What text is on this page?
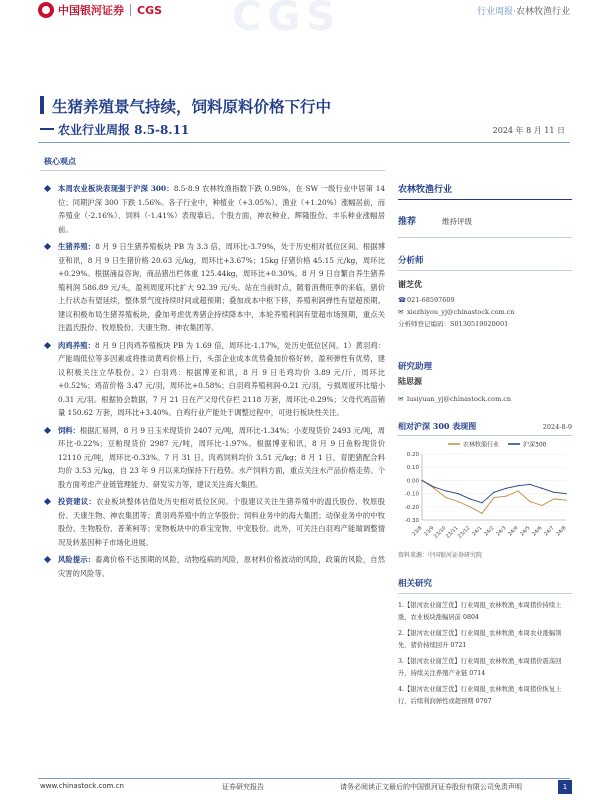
中国银河证券 CGS CGS	行业周报·农林牧渔行业
生猪养殖景气持续，饲料原料价格下行中
农业行业周报 8.5-8.11	2024 年 8 月 11 日
核心观点

本周农业板块表现强于沪深 300：8.5-8.9 农林牧渔指数下跌 0.98%，在 SW 一级行业中居第 14 位；同期沪深 300 下跌 1.56%。各子行业中，种植业（+3.05%）、渔业（+1.20%）涨幅居前，而养殖业（-2.16%）、饲料（-1.41%）表现靠后。个股方面，神农种业、辉隆股份、丰乐种业涨幅居前。

生猪养殖：8 月 9 日生猪养殖板块 PB 为 3.3 倍，周环比-3.79%，处于历史相对低位区间。根据博亚和讯，8 月 9 日生猪价格 20.63 元/kg，周环比+3.67%；15kg 仔猪价格 45.15 元/kg，周环比+0.29%。根据涌益咨询，商品猪出栏体重 125.44kg，周环比+0.30%。8 月 9 日自繁自养生猪养殖利润 586.89 元/头，盈利周度环比扩大 92.39 元/头。站在当前时点，随着消费旺季的来临，猪价上行状态有望延续，整体景气度持续时间或超预期；叠加成本中枢下移，养殖利润弹性有望超预期。建议积极布局生猪养殖板块，叠加考虑优秀猪企持续降本中，本轮养殖利润有望超市场预期，重点关注温氏股份、牧原股份、天康生物、神农集团等。

肉鸡养殖：8 月 9 日肉鸡养殖板块 PB 为 1.69 倍，周环比-1.17%，处历史低位区间。1）黄羽鸡：产能端低位等多因素或将推动黄鸡价格上行，头部企业成本优势叠加价格好转，盈利弹性有优势，建议积极关注立华股份。2）白羽鸡：根据博亚和讯，8 月 9 日毛鸡均价 3.89 元/斤，周环比+0.52%；鸡苗价格 3.47 元/羽，周环比+0.58%；白羽鸡养殖利润-0.21 元/羽，亏损周度环比缩小 0.31 元/羽。根据协会数据，7 月 21 日在产父母代存栏 2118 万套，周环比-0.29%；父母代鸡苗销量 150.62 万套，周环比+3.40%。白鸡行业产能处于调整过程中，可进行板块性关注。

饲料：根据汇易网，8 月 9 日玉米现货价 2407 元/吨，周环比-1.34%；小麦现货价 2493 元/吨，周环比-0.22%；豆粕现货价 2987 元/吨，周环比-1.97%。根据博亚和讯，8 月 9 日鱼粉现货价 12110 元/吨，周环比-0.33%。7 月 31 日，肉鸡饲料均价 3.51 元/kg；8 月 1 日，育肥猪配合料均价 3.53 元/kg，自 23 年 9 月以来均保持下行趋势。水产饲料方面，重点关注水产品价格走势。个股方面考虑产业链管理能力、研发实力等，建议关注海大集团。

投资建议：农业板块整体估值处历史相对低位区间。个股建议关注生猪养殖中的温氏股份、牧原股份、天康生物、神农集团等；黄羽鸡养殖中的立华股份；饲料业务中的海大集团；动保业务中的中牧股份、生物股份、普莱柯等；宠物板块中的乖宝宠物、中宠股份。此外，可关注白羽鸡产能端调整情况及转基因种子市场化进展。

风险提示：畜禽价格不达预期的风险，动物疫病的风险，原材料价格波动的风险，政策的风险，自然灾害的风险等。

农林牧渔行业
推荐	维持评级
分析师
谢芝优
☎ 021-68597609
✉ xiezhiyou_yj@chinastock.com.cn
分析师登记编码：S0130519020001
研究助理
陆思源
✉ lusiyuan_yj@chinastock.com.cn
相对沪深 300 表现图	2024-8-9
农林牧渔行业	沪深300
0.20
0.10
0.00
-0.10
-0.20
-0.30
23/8 23/9
23/10
23/11
23/12 24/1 24/2 24/3 24/4 24/5 24/6 24/7 24/8
资料来源：中国银河证券研究院
相关研究
1.【银河农业谢芝优】行业周报_农林牧渔_本周猪价持续上涨，农业板块涨幅居前 0804
2.【银河农业谢芝优】行业周报_农林牧渔_本周农业涨幅领先，猪价持续回升 0721
3.【银河农业谢芝优】行业周报_农林牧渔_本周猪价震荡回升，持续关注养殖产业链 0714
4.【银河农业谢芝优】行业周报_农林牧渔_本周猪价恢复上行，后续利润弹性或超预期 0707
www.chinastock.com.cn	证券研究报告	请务必阅读正文最后的中国银河证券股份有限公司免责声明	1
